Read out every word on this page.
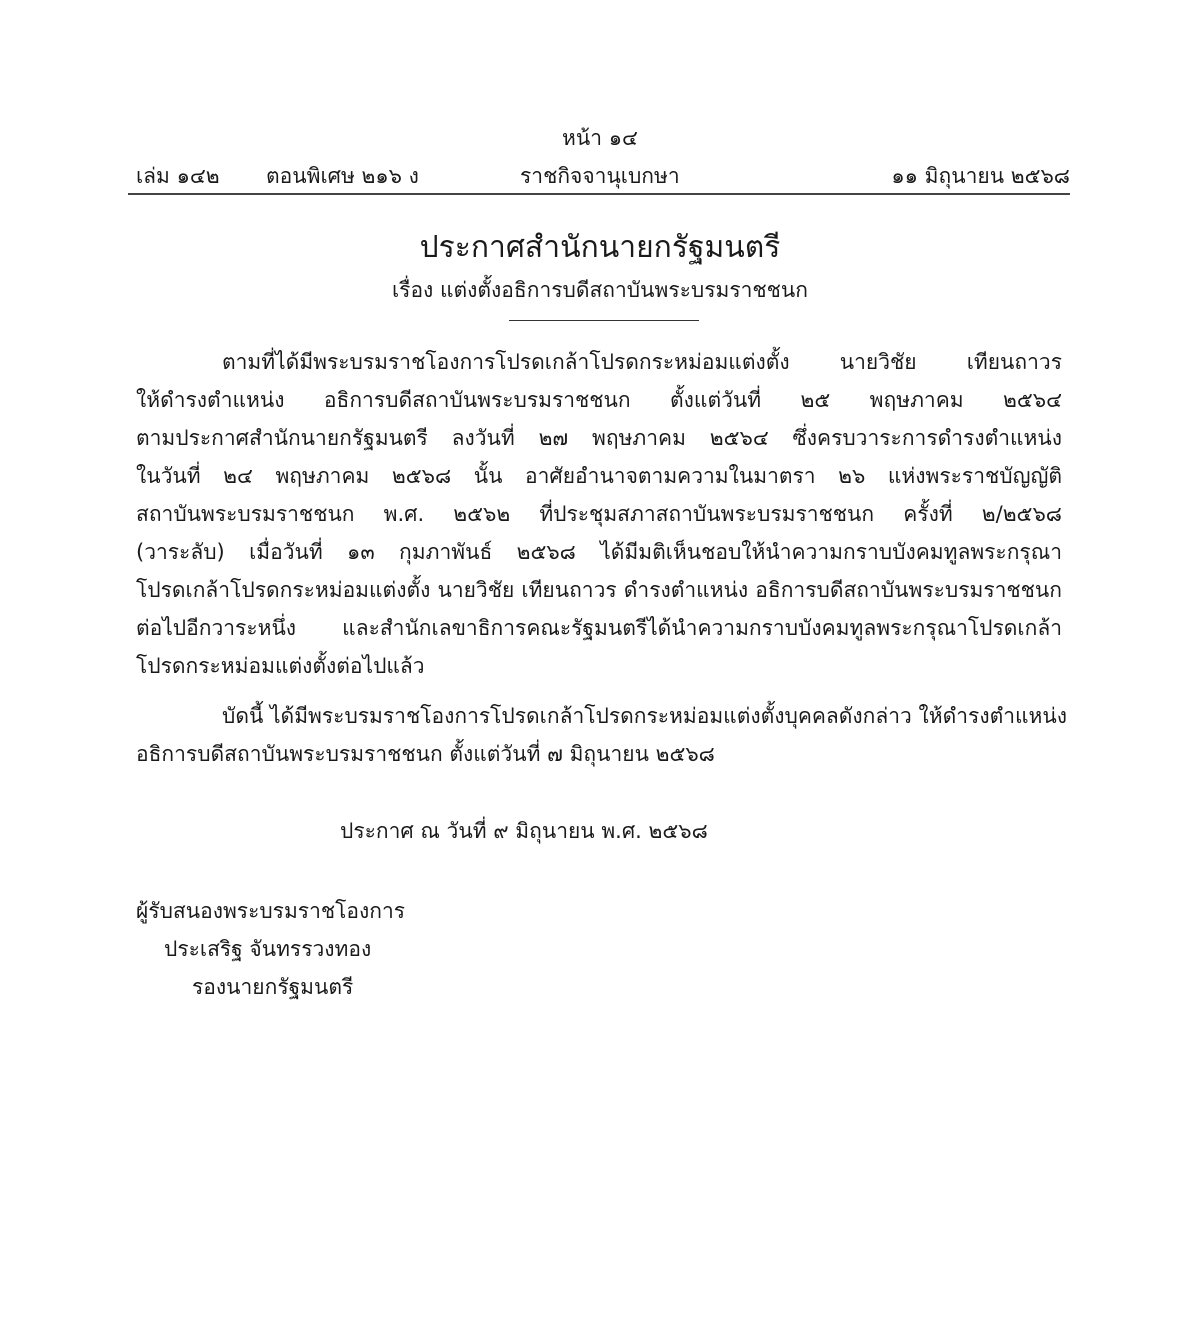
หน้า ๑๔
เล่ม ๑๔๒ ตอนพิเศษ ๒๑๖ ง	ราชกิจจานุเบกษา	๑๑ มิถุนายน ๒๕๖๘
ประกาศสำนักนายกรัฐมนตรี
เรื่อง แต่งตั้งอธิการบดีสถาบันพระบรมราชชนก
ตามที่ได้มีพระบรมราชโองการโปรดเกล้าโปรดกระหม่อมแต่งตั้ง นายวิชัย เทียนถาวร
ให้ดำรงตำแหน่ง อธิการบดีสถาบันพระบรมราชชนก ตั้งแต่วันที่ ๒๕ พฤษภาคม ๒๕๖๔
ตามประกาศสำนักนายกรัฐมนตรี ลงวันที่ ๒๗ พฤษภาคม ๒๕๖๔ ซึ่งครบวาระการดำรงตำแหน่ง
ในวันที่ ๒๔ พฤษภาคม ๒๕๖๘ นั้น อาศัยอำนาจตามความในมาตรา ๒๖ แห่งพระราชบัญญัติ
สถาบันพระบรมราชชนก พ.ศ. ๒๕๖๒ ที่ประชุมสภาสถาบันพระบรมราชชนก ครั้งที่ ๒/๒๕๖๘
(วาระลับ) เมื่อวันที่ ๑๓ กุมภาพันธ์ ๒๕๖๘ ได้มีมติเห็นชอบให้นำความกราบบังคมทูลพระกรุณา
โปรดเกล้าโปรดกระหม่อมแต่งตั้ง นายวิชัย เทียนถาวร ดำรงตำแหน่ง อธิการบดีสถาบันพระบรมราชชนก
ต่อไปอีกวาระหนึ่ง และสำนักเลขาธิการคณะรัฐมนตรีได้นำความกราบบังคมทูลพระกรุณาโปรดเกล้า
โปรดกระหม่อมแต่งตั้งต่อไปแล้ว
บัดนี้ ได้มีพระบรมราชโองการโปรดเกล้าโปรดกระหม่อมแต่งตั้งบุคคลดังกล่าว ให้ดำรงตำแหน่ง
อธิการบดีสถาบันพระบรมราชชนก ตั้งแต่วันที่ ๗ มิถุนายน ๒๕๖๘
ประกาศ ณ วันที่ ๙ มิถุนายน พ.ศ. ๒๕๖๘
ผู้รับสนองพระบรมราชโองการ
ประเสริฐ จันทรรวงทอง
รองนายกรัฐมนตรี
